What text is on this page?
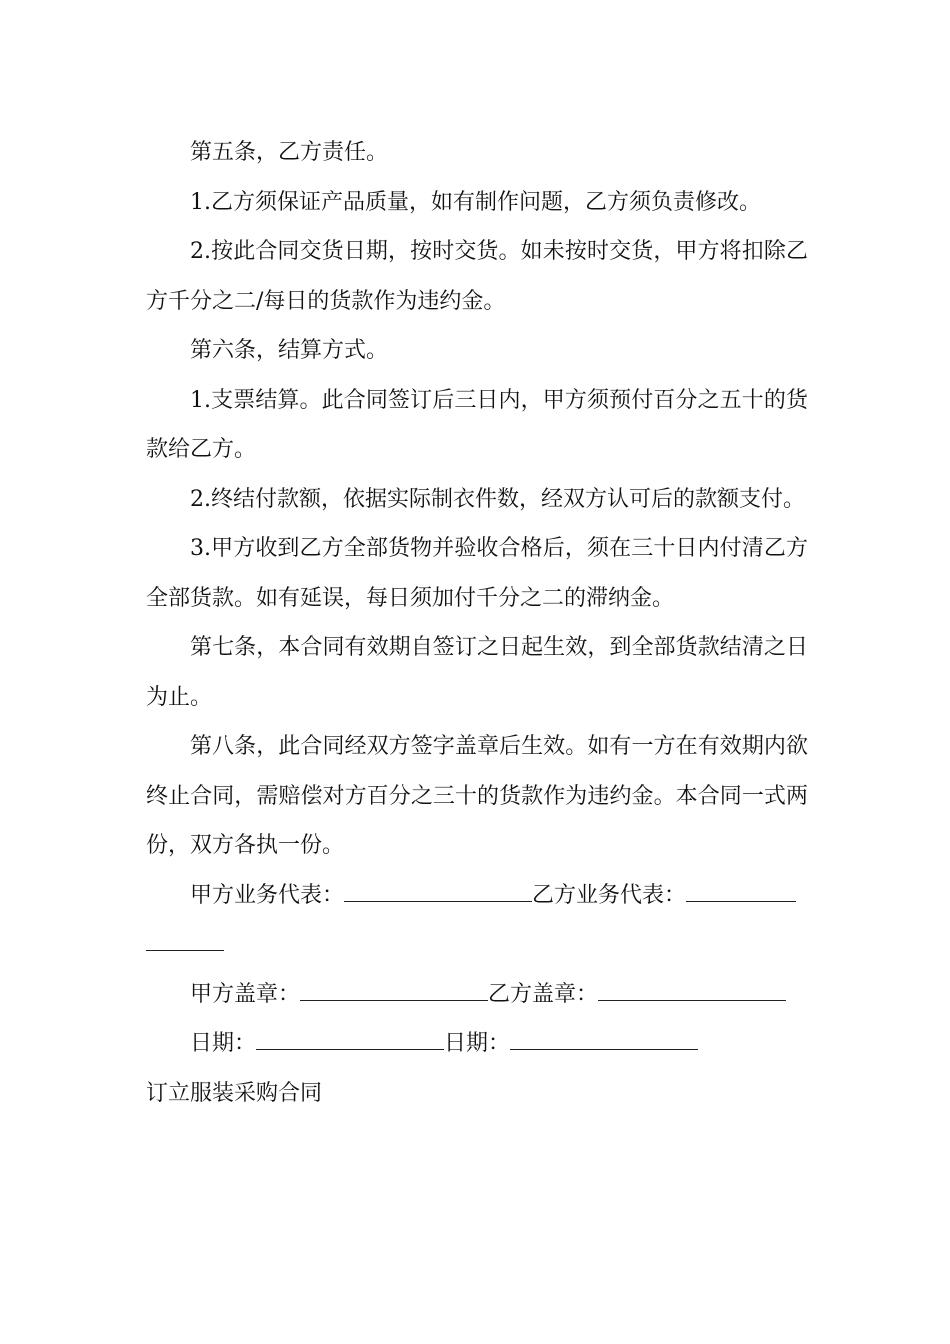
第五条，乙方责任。

1.乙方须保证产品质量，如有制作问题，乙方须负责修改。

2.按此合同交货日期，按时交货。如未按时交货，甲方将扣除乙方千分之二/每日的货款作为违约金。

第六条，结算方式。

1.支票结算。此合同签订后三日内，甲方须预付百分之五十的货款给乙方。

2.终结付款额，依据实际制衣件数，经双方认可后的款额支付。

3.甲方收到乙方全部货物并验收合格后，须在三十日内付清乙方全部货款。如有延误，每日须加付千分之二的滞纳金。

第七条，本合同有效期自签订之日起生效，到全部货款结清之日为止。

第八条，此合同经双方签字盖章后生效。如有一方在有效期内欲终止合同，需赔偿对方百分之三十的货款作为违约金。本合同一式两份，双方各执一份。

甲方业务代表：	乙方业务代表：

甲方盖章：	乙方盖章：

日期：	日期：

订立服装采购合同
